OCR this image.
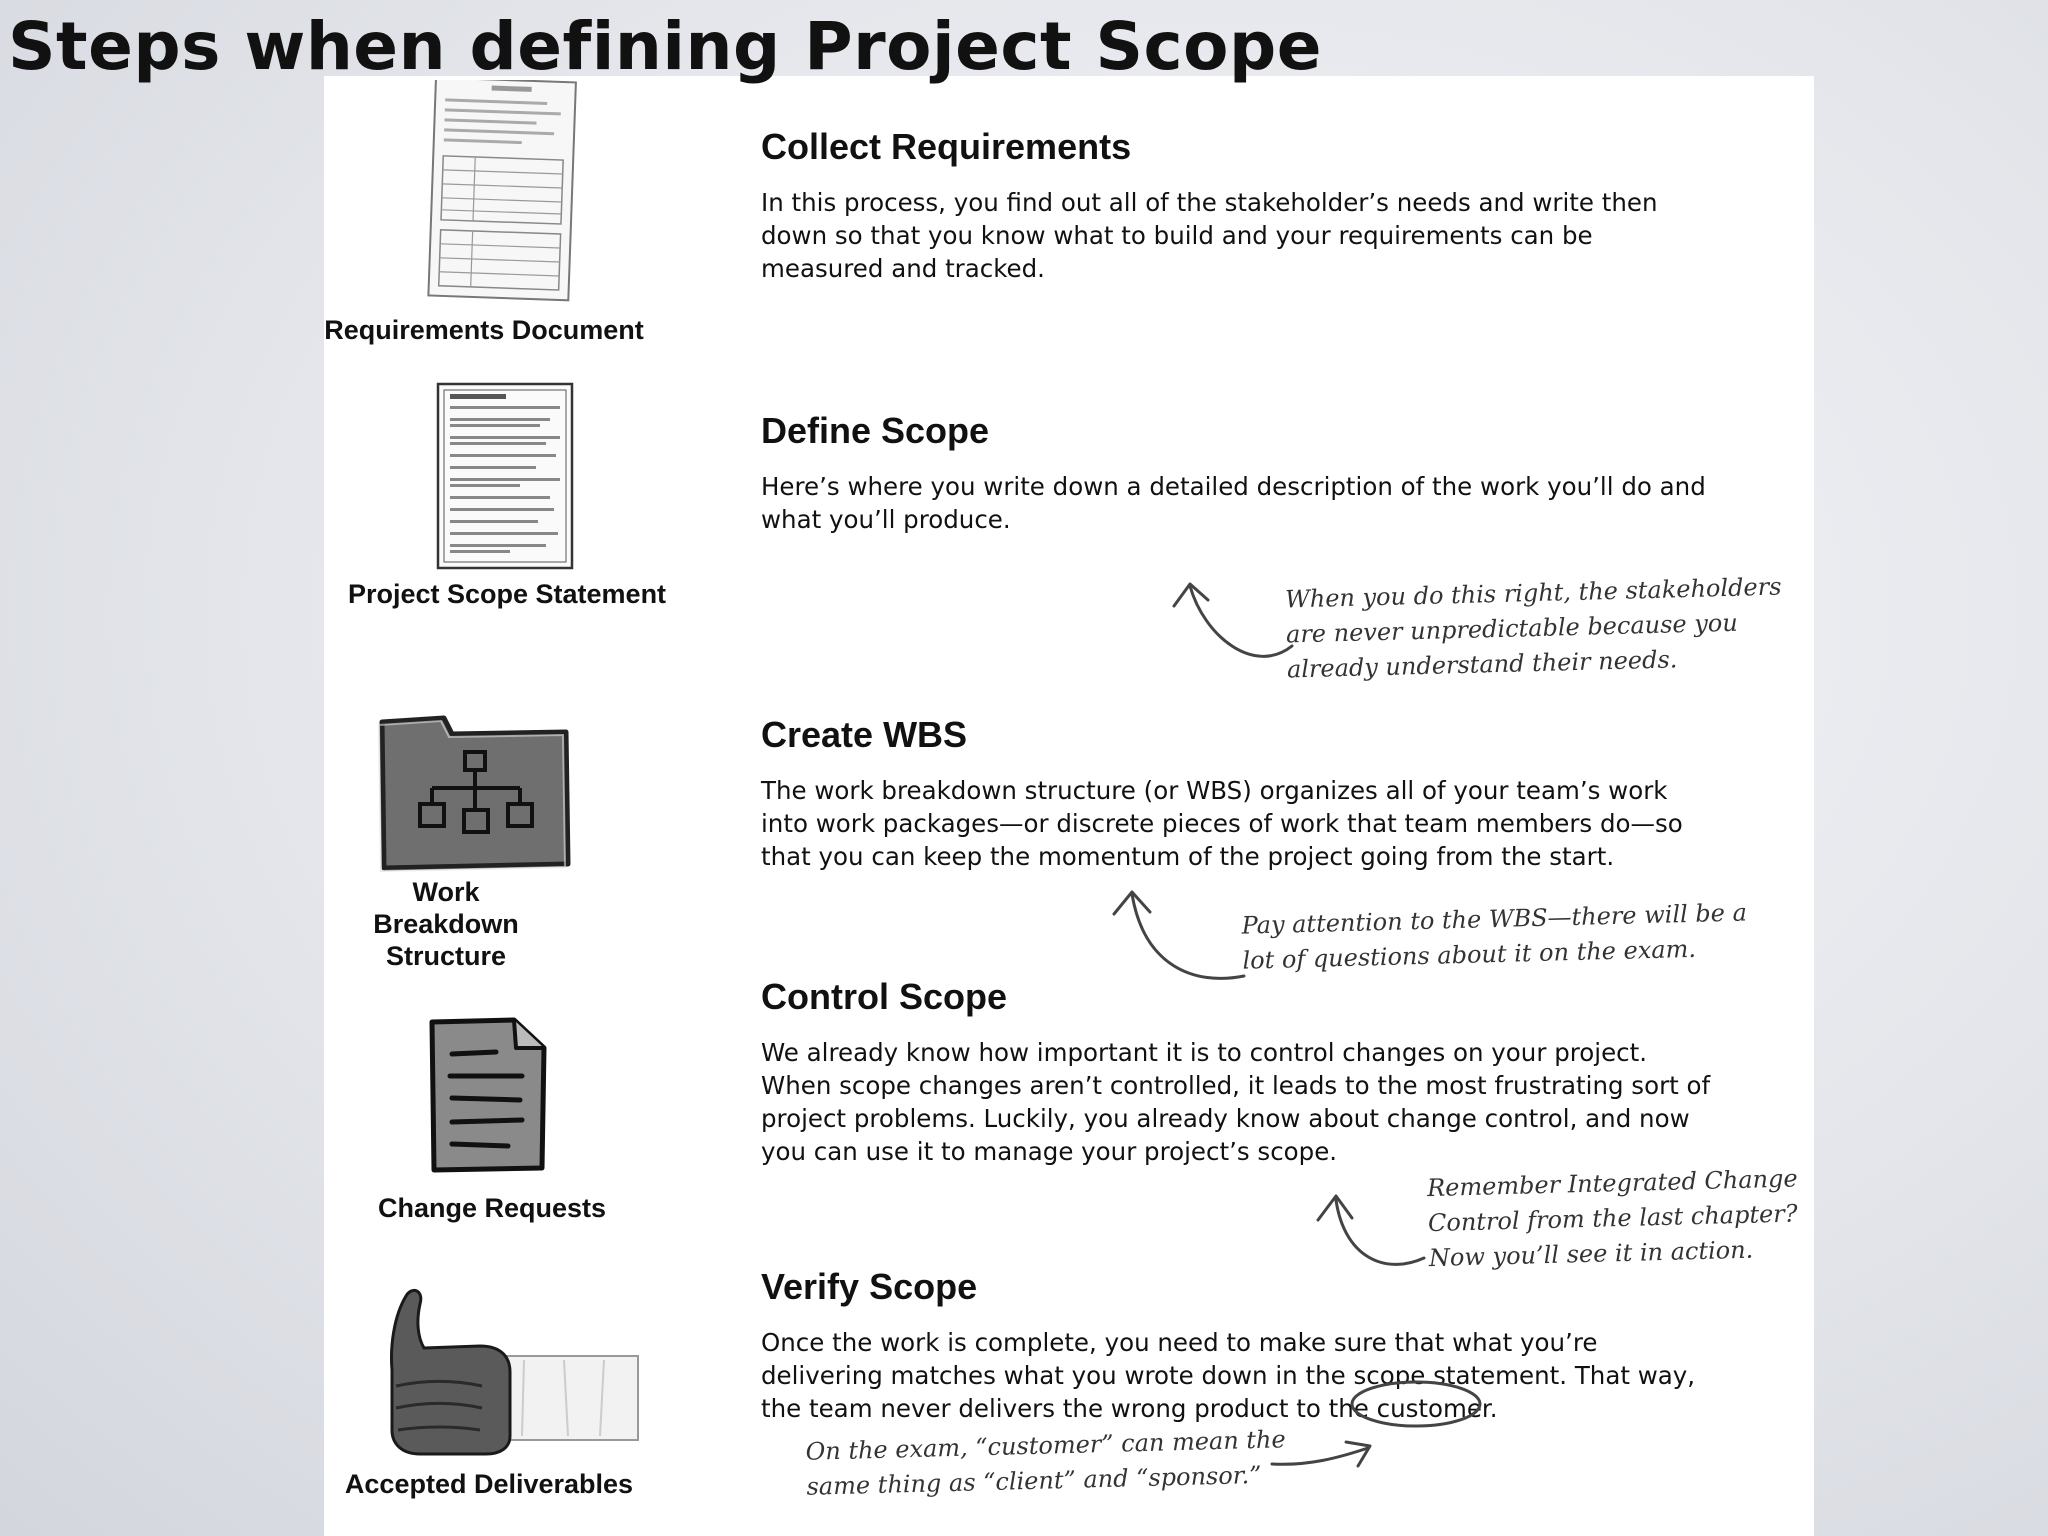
Steps when defining Project Scope
Requirements Document
Project Scope Statement
Work Breakdown Structure
Change Requests
Accepted Deliverables
Collect Requirements

In this process, you find out all of the stakeholder’s needs and write then down so that you know what to build and your requirements can be measured and tracked.

Define Scope

Here’s where you write down a detailed description of the work you’ll do and what you’ll produce.

Create WBS

The work breakdown structure (or WBS) organizes all of your team’s work into work packages—or discrete pieces of work that team members do—so that you can keep the momentum of the project going from the start.

Control Scope

We already know how important it is to control changes on your project. When scope changes aren’t controlled, it leads to the most frustrating sort of project problems. Luckily, you already know about change control, and now you can use it to manage your project’s scope.

Verify Scope

Once the work is complete, you need to make sure that what you’re delivering matches what you wrote down in the scope statement. That way, the team never delivers the wrong product to the customer.

When you do this right, the stakeholders are never unpredictable because you already understand their needs.
Pay attention to the WBS—there will be a lot of questions about it on the exam.
Remember Integrated Change Control from the last chapter? Now you’ll see it in action.
On the exam, “customer” can mean the same thing as “client” and “sponsor.”
